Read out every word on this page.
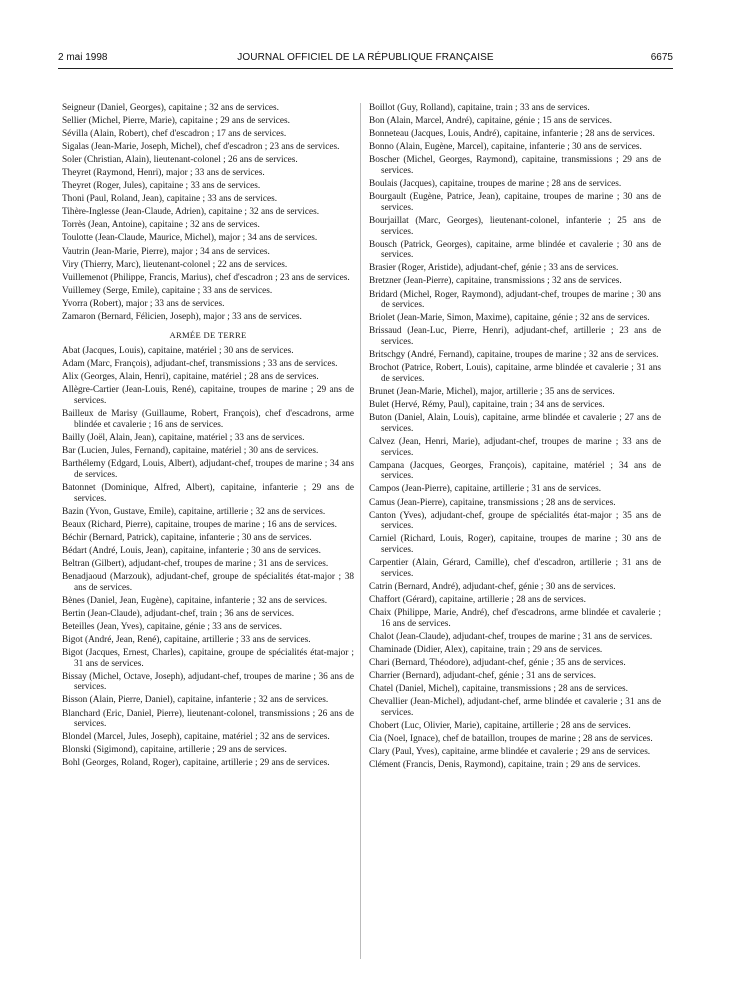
2 mai 1998	JOURNAL OFFICIEL DE LA RÉPUBLIQUE FRANÇAISE	6675

Seigneur (Daniel, Georges), capitaine ; 32 ans de services.

Sellier (Michel, Pierre, Marie), capitaine ; 29 ans de services.

Sévilla (Alain, Robert), chef d'escadron ; 17 ans de services.

Sigalas (Jean-Marie, Joseph, Michel), chef d'escadron ; 23 ans de services.

Soler (Christian, Alain), lieutenant-colonel ; 26 ans de services.

Theyret (Raymond, Henri), major ; 33 ans de services.

Theyret (Roger, Jules), capitaine ; 33 ans de services.

Thoni (Paul, Roland, Jean), capitaine ; 33 ans de services.

Tihère-Inglesse (Jean-Claude, Adrien), capitaine ; 32 ans de services.

Torrès (Jean, Antoine), capitaine ; 32 ans de services.

Toulotte (Jean-Claude, Maurice, Michel), major ; 34 ans de services.

Vautrin (Jean-Marie, Pierre), major ; 34 ans de services.

Viry (Thierry, Marc), lieutenant-colonel ; 22 ans de services.

Vuillemenot (Philippe, Francis, Marius), chef d'escadron ; 23 ans de services.

Vuillemey (Serge, Emile), capitaine ; 33 ans de services.

Yvorra (Robert), major ; 33 ans de services.

Zamaron (Bernard, Félicien, Joseph), major ; 33 ans de services.

ARMÉE DE TERRE

Abat (Jacques, Louis), capitaine, matériel ; 30 ans de services.

Adam (Marc, François), adjudant-chef, transmissions ; 33 ans de services.

Alix (Georges, Alain, Henri), capitaine, matériel ; 28 ans de services.

Allègre-Cartier (Jean-Louis, René), capitaine, troupes de marine ; 29 ans de services.

Bailleux de Marisy (Guillaume, Robert, François), chef d'escadrons, arme blindée et cavalerie ; 16 ans de services.

Bailly (Joël, Alain, Jean), capitaine, matériel ; 33 ans de services.

Bar (Lucien, Jules, Fernand), capitaine, matériel ; 30 ans de services.

Barthélemy (Edgard, Louis, Albert), adjudant-chef, troupes de marine ; 34 ans de services.

Batonnet (Dominique, Alfred, Albert), capitaine, infanterie ; 29 ans de services.

Bazin (Yvon, Gustave, Emile), capitaine, artillerie ; 32 ans de services.

Beaux (Richard, Pierre), capitaine, troupes de marine ; 16 ans de services.

Béchir (Bernard, Patrick), capitaine, infanterie ; 30 ans de services.

Bédart (André, Louis, Jean), capitaine, infanterie ; 30 ans de services.

Beltran (Gilbert), adjudant-chef, troupes de marine ; 31 ans de services.

Benadjaoud (Marzouk), adjudant-chef, groupe de spécialités état-major ; 38 ans de services.

Bènes (Daniel, Jean, Eugène), capitaine, infanterie ; 32 ans de services.

Bertin (Jean-Claude), adjudant-chef, train ; 36 ans de services.

Beteilles (Jean, Yves), capitaine, génie ; 33 ans de services.

Bigot (André, Jean, René), capitaine, artillerie ; 33 ans de services.

Bigot (Jacques, Ernest, Charles), capitaine, groupe de spécialités état-major ; 31 ans de services.

Bissay (Michel, Octave, Joseph), adjudant-chef, troupes de marine ; 36 ans de services.

Bisson (Alain, Pierre, Daniel), capitaine, infanterie ; 32 ans de services.

Blanchard (Eric, Daniel, Pierre), lieutenant-colonel, transmissions ; 26 ans de services.

Blondel (Marcel, Jules, Joseph), capitaine, matériel ; 32 ans de services.

Blonski (Sigimond), capitaine, artillerie ; 29 ans de services.

Bohl (Georges, Roland, Roger), capitaine, artillerie ; 29 ans de services.

Boillot (Guy, Rolland), capitaine, train ; 33 ans de services.

Bon (Alain, Marcel, André), capitaine, génie ; 15 ans de services.

Bonneteau (Jacques, Louis, André), capitaine, infanterie ; 28 ans de services.

Bonno (Alain, Eugène, Marcel), capitaine, infanterie ; 30 ans de services.

Boscher (Michel, Georges, Raymond), capitaine, transmissions ; 29 ans de services.

Boulais (Jacques), capitaine, troupes de marine ; 28 ans de services.

Bourgault (Eugène, Patrice, Jean), capitaine, troupes de marine ; 30 ans de services.

Bourjaillat (Marc, Georges), lieutenant-colonel, infanterie ; 25 ans de services.

Bousch (Patrick, Georges), capitaine, arme blindée et cavalerie ; 30 ans de services.

Brasier (Roger, Aristide), adjudant-chef, génie ; 33 ans de services.

Bretzner (Jean-Pierre), capitaine, transmissions ; 32 ans de services.

Bridard (Michel, Roger, Raymond), adjudant-chef, troupes de marine ; 30 ans de services.

Briolet (Jean-Marie, Simon, Maxime), capitaine, génie ; 32 ans de services.

Brissaud (Jean-Luc, Pierre, Henri), adjudant-chef, artillerie ; 23 ans de services.

Britschgy (André, Fernand), capitaine, troupes de marine ; 32 ans de services.

Brochot (Patrice, Robert, Louis), capitaine, arme blindée et cavalerie ; 31 ans de services.

Brunet (Jean-Marie, Michel), major, artillerie ; 35 ans de services.

Bulet (Hervé, Rémy, Paul), capitaine, train ; 34 ans de services.

Buton (Daniel, Alain, Louis), capitaine, arme blindée et cavalerie ; 27 ans de services.

Calvez (Jean, Henri, Marie), adjudant-chef, troupes de marine ; 33 ans de services.

Campana (Jacques, Georges, François), capitaine, matériel ; 34 ans de services.

Campos (Jean-Pierre), capitaine, artillerie ; 31 ans de services.

Camus (Jean-Pierre), capitaine, transmissions ; 28 ans de services.

Canton (Yves), adjudant-chef, groupe de spécialités état-major ; 35 ans de services.

Carniel (Richard, Louis, Roger), capitaine, troupes de marine ; 30 ans de services.

Carpentier (Alain, Gérard, Camille), chef d'escadron, artillerie ; 31 ans de services.

Catrin (Bernard, André), adjudant-chef, génie ; 30 ans de services.

Chaffort (Gérard), capitaine, artillerie ; 28 ans de services.

Chaix (Philippe, Marie, André), chef d'escadrons, arme blindée et cavalerie ; 16 ans de services.

Chalot (Jean-Claude), adjudant-chef, troupes de marine ; 31 ans de services.

Chaminade (Didier, Alex), capitaine, train ; 29 ans de services.

Chari (Bernard, Théodore), adjudant-chef, génie ; 35 ans de services.

Charrier (Bernard), adjudant-chef, génie ; 31 ans de services.

Chatel (Daniel, Michel), capitaine, transmissions ; 28 ans de services.

Chevallier (Jean-Michel), adjudant-chef, arme blindée et cavalerie ; 31 ans de services.

Chobert (Luc, Olivier, Marie), capitaine, artillerie ; 28 ans de services.

Cia (Noel, Ignace), chef de bataillon, troupes de marine ; 28 ans de services.

Clary (Paul, Yves), capitaine, arme blindée et cavalerie ; 29 ans de services.

Clément (Francis, Denis, Raymond), capitaine, train ; 29 ans de services.
